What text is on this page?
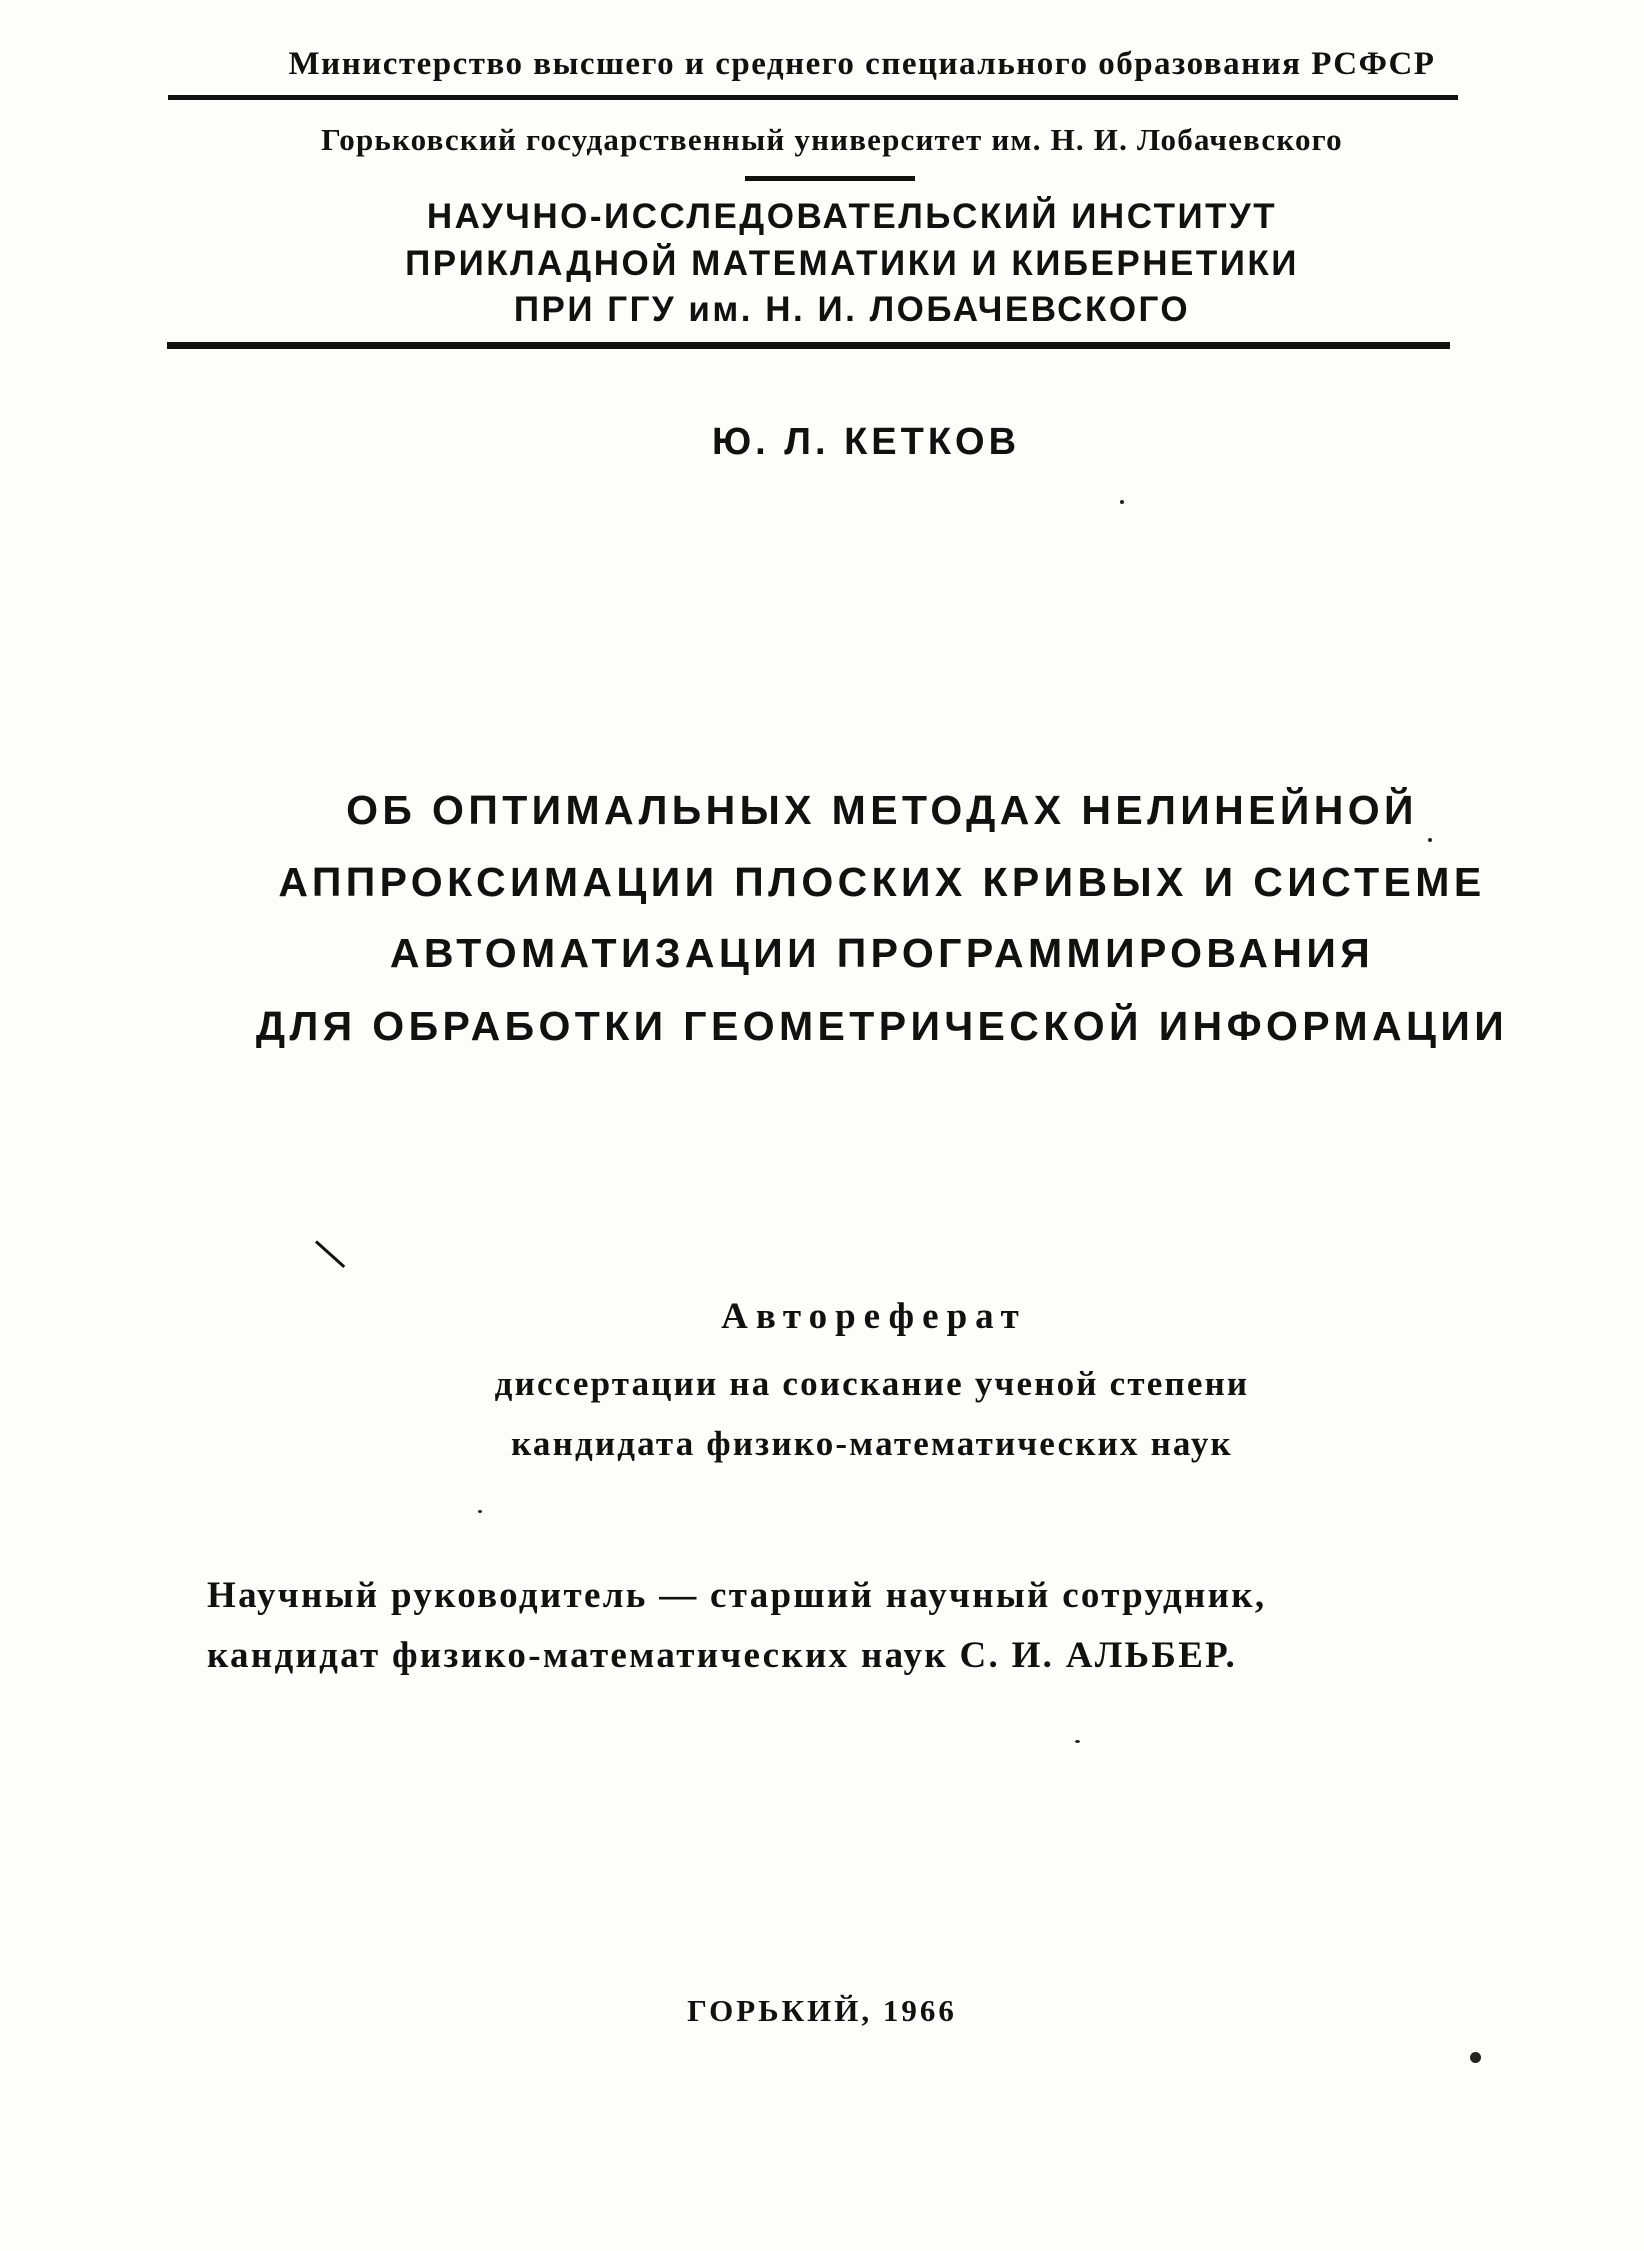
Министерство высшего и среднего специального образования РСФСР
Горьковский государственный университет им. Н. И. Лобачевского
НАУЧНО-ИССЛЕДОВАТЕЛЬСКИЙ ИНСТИТУТ
ПРИКЛАДНОЙ МАТЕМАТИКИ И КИБЕРНЕТИКИ
ПРИ ГГУ им. Н. И. ЛОБАЧЕВСКОГО
Ю. Л. КЕТКОВ
ОБ ОПТИМАЛЬНЫХ МЕТОДАХ НЕЛИНЕЙНОЙ
АППРОКСИМАЦИИ ПЛОСКИХ КРИВЫХ И СИСТЕМЕ
АВТОМАТИЗАЦИИ ПРОГРАММИРОВАНИЯ
ДЛЯ ОБРАБОТКИ ГЕОМЕТРИЧЕСКОЙ ИНФОРМАЦИИ
Автореферат
диссертации на соискание ученой степени
кандидата физико-математических наук
Научный руководитель — старший научный сотрудник,
кандидат физико-математических наук С. И. АЛЬБЕР.
ГОРЬКИЙ, 1966
